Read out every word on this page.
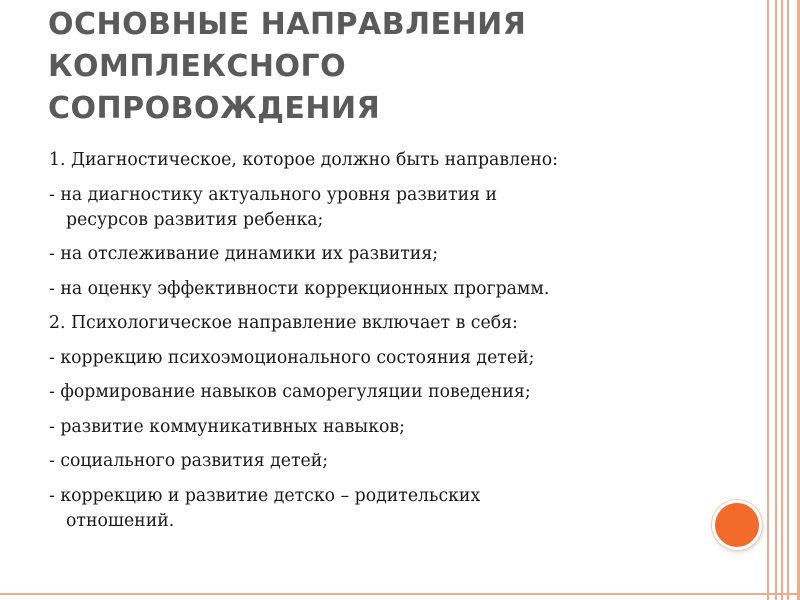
ОСНОВНЫЕ НАПРАВЛЕНИЯ
КОМПЛЕКСНОГО
СОПРОВОЖДЕНИЯ
1. Диагностическое, которое должно быть направлено:
- на диагностику актуального уровня развития и
ресурсов развития ребенка;
- на отслеживание динамики их развития;
- на оценку эффективности коррекционных программ.
2. Психологическое направление включает в себя:
- коррекцию психоэмоционального состояния детей;
- формирование навыков саморегуляции поведения;
- развитие коммуникативных навыков;
- социального развития детей;
- коррекцию и развитие детско – родительских
отношений.
